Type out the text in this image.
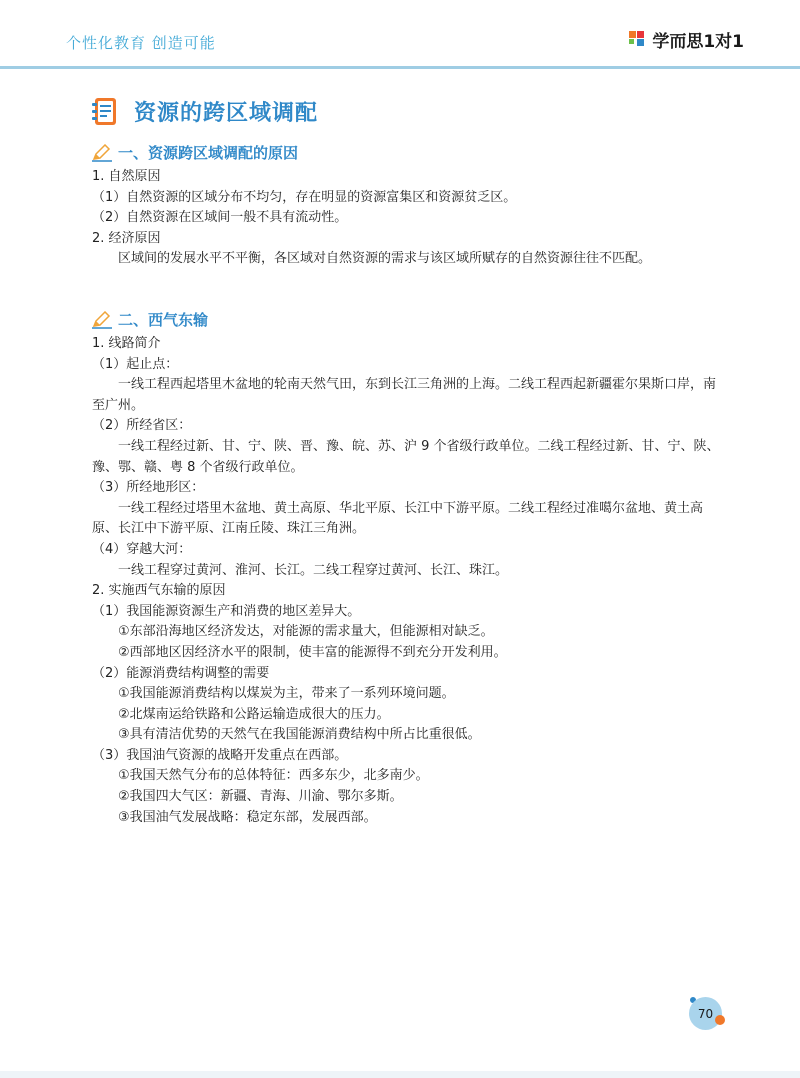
个性化教育 创造可能	学而思1对1
资源的跨区域调配
一、资源跨区域调配的原因

1. 自然原因

（1）自然资源的区域分布不均匀，存在明显的资源富集区和资源贫乏区。

（2）自然资源在区域间一般不具有流动性。

2. 经济原因

区域间的发展水平不平衡，各区域对自然资源的需求与该区域所赋存的自然资源往往不匹配。

二、西气东输

1. 线路简介

（1）起止点：

一线工程西起塔里木盆地的轮南天然气田，东到长江三角洲的上海。二线工程西起新疆霍尔果斯口岸，南至广州。

（2）所经省区：

一线工程经过新、甘、宁、陕、晋、豫、皖、苏、沪 9 个省级行政单位。二线工程经过新、甘、宁、陕、豫、鄂、赣、粤 8 个省级行政单位。

（3）所经地形区：

一线工程经过塔里木盆地、黄土高原、华北平原、长江中下游平原。二线工程经过准噶尔盆地、黄土高原、长江中下游平原、江南丘陵、珠江三角洲。

（4）穿越大河：

一线工程穿过黄河、淮河、长江。二线工程穿过黄河、长江、珠江。

2. 实施西气东输的原因

（1）我国能源资源生产和消费的地区差异大。

①东部沿海地区经济发达，对能源的需求量大，但能源相对缺乏。

②西部地区因经济水平的限制，使丰富的能源得不到充分开发利用。

（2）能源消费结构调整的需要

①我国能源消费结构以煤炭为主，带来了一系列环境问题。

②北煤南运给铁路和公路运输造成很大的压力。

③具有清洁优势的天然气在我国能源消费结构中所占比重很低。

（3）我国油气资源的战略开发重点在西部。

①我国天然气分布的总体特征：西多东少，北多南少。

②我国四大气区：新疆、青海、川渝、鄂尔多斯。

③我国油气发展战略：稳定东部，发展西部。

70
